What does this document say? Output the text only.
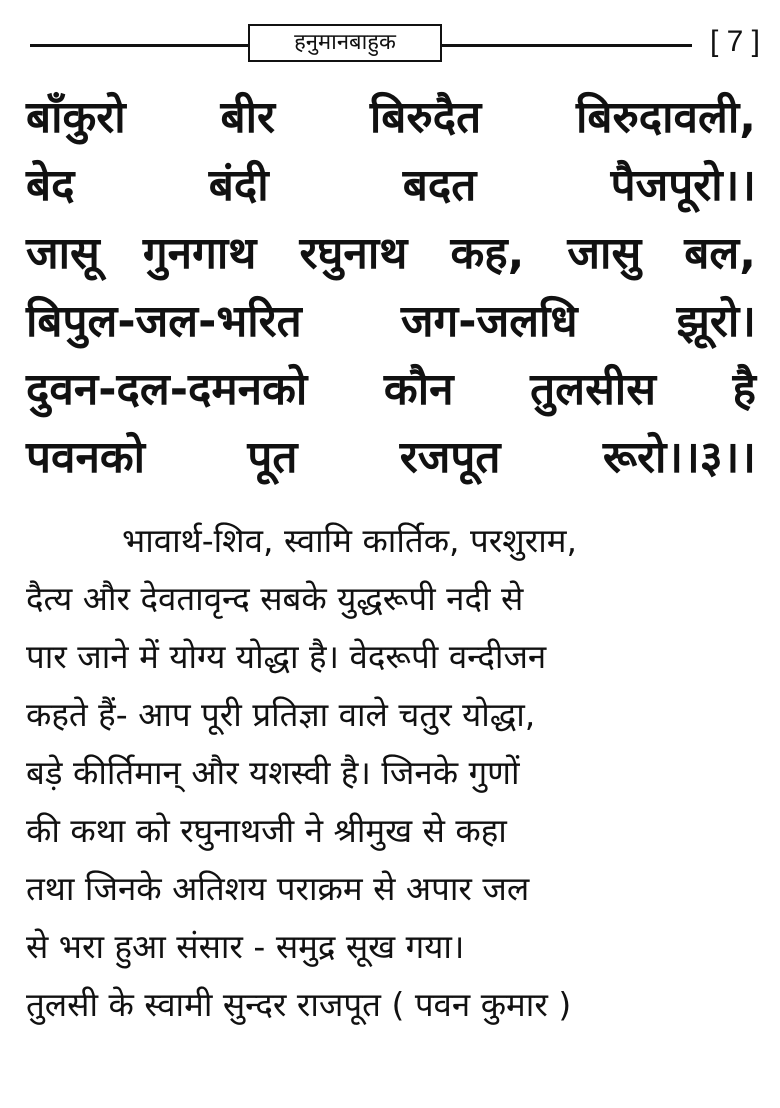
हनुमानबाहुक	[ 7 ]
बाँकुरो बीर बिरुदैत बिरुदावली,
बेद	बंदी	बदत	पैजपूरो।।
जासू गुनगाथ रघुनाथ कह, जासु बल,
बिपुल-जल-भरित जग-जलधि झूरो।
दुवन-दल-दमनको कौन तुलसीस है
पवनको पूत रजपूत रूरो।।३।।
भावार्थ-शिव, स्वामि कार्तिक, परशुराम,
दैत्य और देवतावृन्द सबके युद्धरूपी नदी से
पार जाने में योग्य योद्धा है। वेदरूपी वन्दीजन
कहते हैं- आप पूरी प्रतिज्ञा वाले चतुर योद्धा,
बड़े कीर्तिमान् और यशस्वी है। जिनके गुणों
की कथा को रघुनाथजी ने श्रीमुख से कहा
तथा जिनके अतिशय पराक्रम से अपार जल
से भरा हुआ संसार - समुद्र सूख गया।
तुलसी के स्वामी सुन्दर राजपूत ( पवन कुमार )
